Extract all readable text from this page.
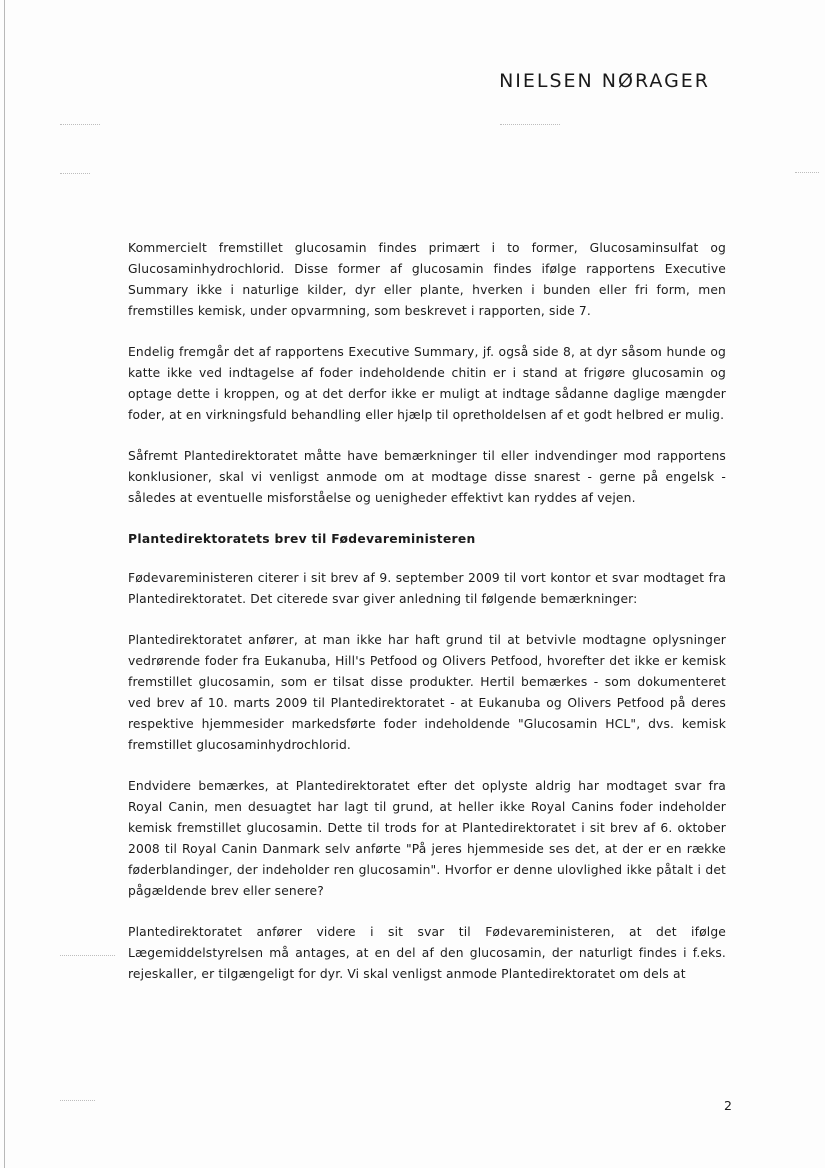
NIELSEN NØRAGER

Kommercielt fremstillet glucosamin findes primært i to former, Glucosaminsulfat og Glucosaminhydrochlorid. Disse former af glucosamin findes ifølge rapportens Executive Summary ikke i naturlige kilder, dyr eller plante, hverken i bunden eller fri form, men fremstilles kemisk, under opvarmning, som beskrevet i rapporten, side 7.

Endelig fremgår det af rapportens Executive Summary, jf. også side 8, at dyr såsom hunde og katte ikke ved indtagelse af foder indeholdende chitin er i stand at frigøre glucosamin og optage dette i kroppen, og at det derfor ikke er muligt at indtage sådanne daglige mængder foder, at en virkningsfuld behandling eller hjælp til opretholdelsen af et godt helbred er mulig.

Såfremt Plantedirektoratet måtte have bemærkninger til eller indvendinger mod rapportens konklusioner, skal vi venligst anmode om at modtage disse snarest - gerne på engelsk - således at eventuelle misforståelse og uenigheder effektivt kan ryddes af vejen.

Plantedirektoratets brev til Fødevareministeren

Fødevareministeren citerer i sit brev af 9. september 2009 til vort kontor et svar modtaget fra Plantedirektoratet. Det citerede svar giver anledning til følgende bemærkninger:

Plantedirektoratet anfører, at man ikke har haft grund til at betvivle modtagne oplysninger vedrørende foder fra Eukanuba, Hill's Petfood og Olivers Petfood, hvorefter det ikke er kemisk fremstillet glucosamin, som er tilsat disse produkter. Hertil bemærkes - som dokumenteret ved brev af 10. marts 2009 til Plantedirektoratet - at Eukanuba og Olivers Petfood på deres respektive hjemmesider markedsførte foder indeholdende "Glucosamin HCL", dvs. kemisk fremstillet glucosaminhydrochlorid.

Endvidere bemærkes, at Plantedirektoratet efter det oplyste aldrig har modtaget svar fra Royal Canin, men desuagtet har lagt til grund, at heller ikke Royal Canins foder indeholder kemisk fremstillet glucosamin. Dette til trods for at Plantedirektoratet i sit brev af 6. oktober 2008 til Royal Canin Danmark selv anførte "På jeres hjemmeside ses det, at der er en række føderblandinger, der indeholder ren glucosamin". Hvorfor er denne ulovlighed ikke påtalt i det pågældende brev eller senere?

Plantedirektoratet anfører videre i sit svar til Fødevareministeren, at det ifølge Lægemiddelstyrelsen må antages, at en del af den glucosamin, der naturligt findes i f.eks. rejeskaller, er tilgængeligt for dyr. Vi skal venligst anmode Plantedirektoratet om dels at

2
